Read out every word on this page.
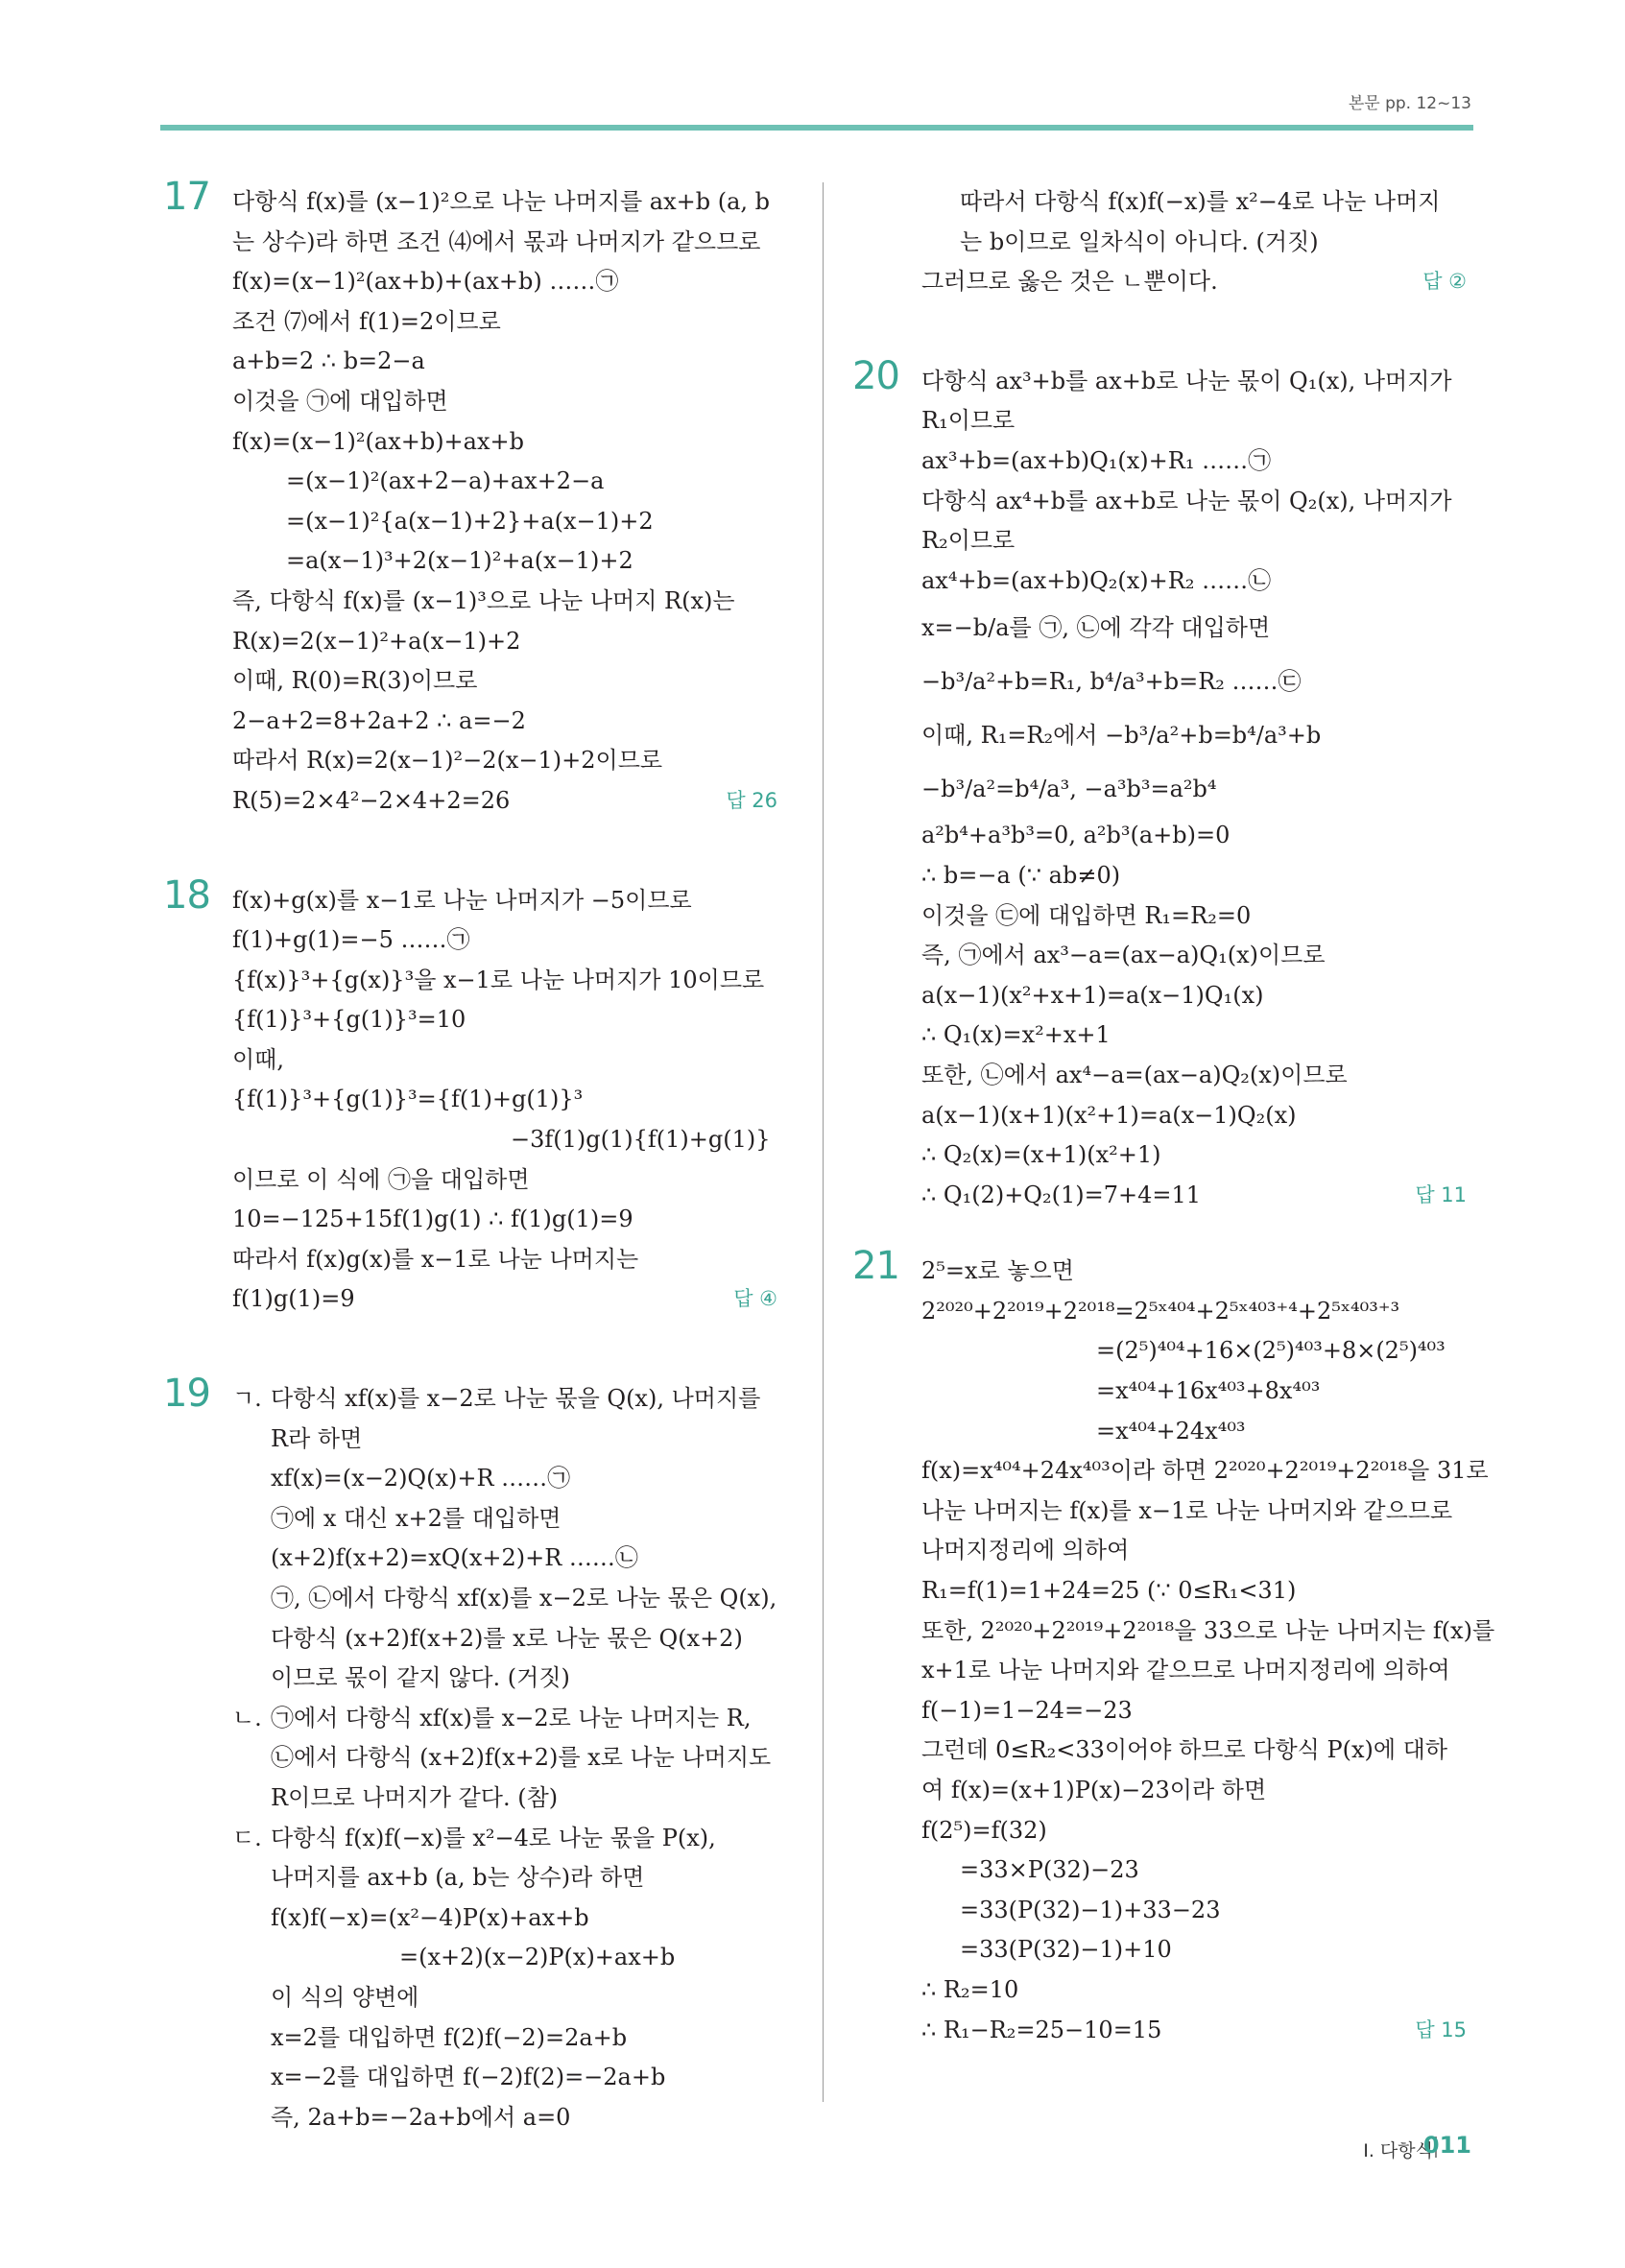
본문 pp. 12~13
17 다항식 f(x)를 (x−1)²으로 나눈 나머지를 ax+b (a, b
는 상수)라 하면 조건 ⑷에서 몫과 나머지가 같으므로
f(x)=(x−1)²(ax+b)+(ax+b) ……㉠
조건 ⑺에서 f(1)=2이므로
a+b=2 ∴ b=2−a
이것을 ㉠에 대입하면
f(x)=(x−1)²(ax+b)+ax+b
=(x−1)²(ax+2−a)+ax+2−a
=(x−1)²{a(x−1)+2}+a(x−1)+2
=a(x−1)³+2(x−1)²+a(x−1)+2
즉, 다항식 f(x)를 (x−1)³으로 나눈 나머지 R(x)는
R(x)=2(x−1)²+a(x−1)+2
이때, R(0)=R(3)이므로
2−a+2=8+2a+2 ∴ a=−2
따라서 R(x)=2(x−1)²−2(x−1)+2이므로
R(5)=2×4²−2×4+2=26	답 26
18 f(x)+g(x)를 x−1로 나눈 나머지가 −5이므로
f(1)+g(1)=−5 ……㉠
{f(x)}³+{g(x)}³을 x−1로 나눈 나머지가 10이므로
{f(1)}³+{g(1)}³=10
이때,
{f(1)}³+{g(1)}³={f(1)+g(1)}³
−3f(1)g(1){f(1)+g(1)}
이므로 이 식에 ㉠을 대입하면
10=−125+15f(1)g(1) ∴ f(1)g(1)=9
따라서 f(x)g(x)를 x−1로 나눈 나머지는
f(1)g(1)=9	답 ④
19 ㄱ. 다항식 xf(x)를 x−2로 나눈 몫을 Q(x), 나머지를
R라 하면
xf(x)=(x−2)Q(x)+R ……㉠
㉠에 x 대신 x+2를 대입하면
(x+2)f(x+2)=xQ(x+2)+R ……㉡
㉠, ㉡에서 다항식 xf(x)를 x−2로 나눈 몫은 Q(x),
다항식 (x+2)f(x+2)를 x로 나눈 몫은 Q(x+2)
이므로 몫이 같지 않다. (거짓)
ㄴ. ㉠에서 다항식 xf(x)를 x−2로 나눈 나머지는 R,
㉡에서 다항식 (x+2)f(x+2)를 x로 나눈 나머지도
R이므로 나머지가 같다. (참)
ㄷ. 다항식 f(x)f(−x)를 x²−4로 나눈 몫을 P(x),
나머지를 ax+b (a, b는 상수)라 하면
f(x)f(−x)=(x²−4)P(x)+ax+b
=(x+2)(x−2)P(x)+ax+b
이 식의 양변에
x=2를 대입하면 f(2)f(−2)=2a+b
x=−2를 대입하면 f(−2)f(2)=−2a+b
즉, 2a+b=−2a+b에서 a=0
따라서 다항식 f(x)f(−x)를 x²−4로 나눈 나머지
는 b이므로 일차식이 아니다. (거짓)
그러므로 옳은 것은 ㄴ뿐이다.	답 ②
20 다항식 ax³+b를 ax+b로 나눈 몫이 Q₁(x), 나머지가
R₁이므로
ax³+b=(ax+b)Q₁(x)+R₁ ……㉠
다항식 ax⁴+b를 ax+b로 나눈 몫이 Q₂(x), 나머지가
R₂이므로
ax⁴+b=(ax+b)Q₂(x)+R₂ ……㉡
x=−b/a를 ㉠, ㉡에 각각 대입하면
−b³/a²+b=R₁, b⁴/a³+b=R₂ ……㉢
이때, R₁=R₂에서 −b³/a²+b=b⁴/a³+b
−b³/a²=b⁴/a³, −a³b³=a²b⁴
a²b⁴+a³b³=0, a²b³(a+b)=0
∴ b=−a (∵ ab≠0)
이것을 ㉢에 대입하면 R₁=R₂=0
즉, ㉠에서 ax³−a=(ax−a)Q₁(x)이므로
a(x−1)(x²+x+1)=a(x−1)Q₁(x)
∴ Q₁(x)=x²+x+1
또한, ㉡에서 ax⁴−a=(ax−a)Q₂(x)이므로
a(x−1)(x+1)(x²+1)=a(x−1)Q₂(x)
∴ Q₂(x)=(x+1)(x²+1)
∴ Q₁(2)+Q₂(1)=7+4=11	답 11
21 2⁵=x로 놓으면
2²⁰²⁰+2²⁰¹⁹+2²⁰¹⁸=2⁵ˣ⁴⁰⁴+2⁵ˣ⁴⁰³⁺⁴+2⁵ˣ⁴⁰³⁺³
=(2⁵)⁴⁰⁴+16×(2⁵)⁴⁰³+8×(2⁵)⁴⁰³
=x⁴⁰⁴+16x⁴⁰³+8x⁴⁰³
=x⁴⁰⁴+24x⁴⁰³
f(x)=x⁴⁰⁴+24x⁴⁰³이라 하면 2²⁰²⁰+2²⁰¹⁹+2²⁰¹⁸을 31로
나눈 나머지는 f(x)를 x−1로 나눈 나머지와 같으므로
나머지정리에 의하여
R₁=f(1)=1+24=25 (∵ 0≤R₁<31)
또한, 2²⁰²⁰+2²⁰¹⁹+2²⁰¹⁸을 33으로 나눈 나머지는 f(x)를
x+1로 나눈 나머지와 같으므로 나머지정리에 의하여
f(−1)=1−24=−23
그런데 0≤R₂<33이어야 하므로 다항식 P(x)에 대하
여 f(x)=(x+1)P(x)−23이라 하면
f(2⁵)=f(32)
=33×P(32)−23
=33(P(32)−1)+33−23
=33(P(32)−1)+10
∴ R₂=10
∴ R₁−R₂=25−10=15	답 15
Ⅰ. 다항식
011
